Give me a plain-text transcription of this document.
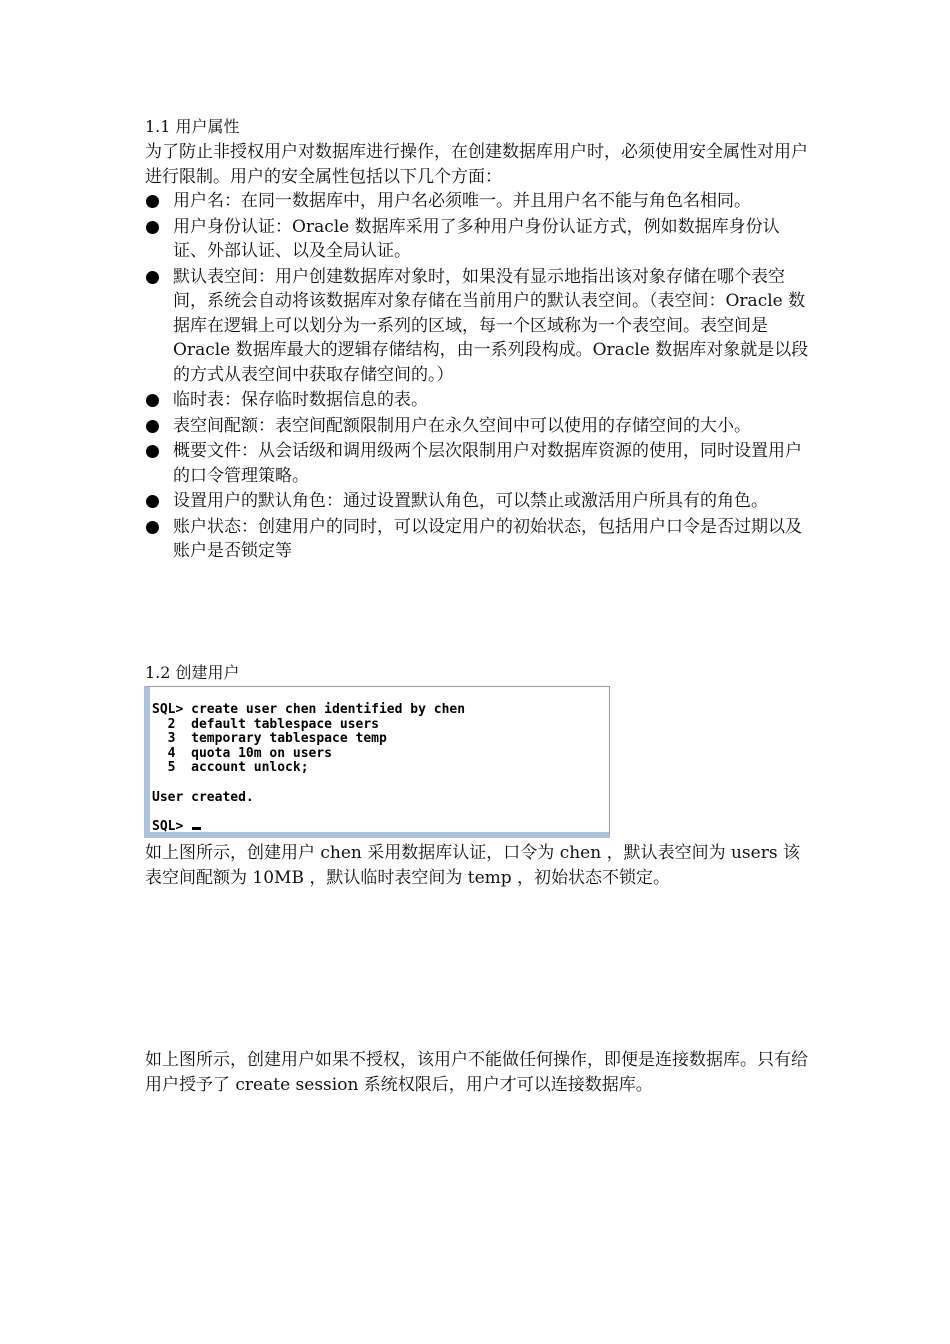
1.1 用户属性
为了防止非授权用户对数据库进行操作，在创建数据库用户时，必须使用安全属性对用户进行限制。用户的安全属性包括以下几个方面：
用户名：在同一数据库中，用户名必须唯一。并且用户名不能与角色名相同。
用户身份认证：Oracle 数据库采用了多种用户身份认证方式，例如数据库身份认证、外部认证、以及全局认证。
默认表空间：用户创建数据库对象时，如果没有显示地指出该对象存储在哪个表空间，系统会自动将该数据库对象存储在当前用户的默认表空间。（表空间：Oracle 数据库在逻辑上可以划分为一系列的区域，每一个区域称为一个表空间。表空间是 Oracle 数据库最大的逻辑存储结构，由一系列段构成。Oracle 数据库对象就是以段的方式从表空间中获取存储空间的。）
临时表：保存临时数据信息的表。
表空间配额：表空间配额限制用户在永久空间中可以使用的存储空间的大小。
概要文件：从会话级和调用级两个层次限制用户对数据库资源的使用，同时设置用户的口令管理策略。
设置用户的默认角色：通过设置默认角色，可以禁止或激活用户所具有的角色。
账户状态：创建用户的同时，可以设定用户的初始状态，包括用户口令是否过期以及账户是否锁定等
1.2 创建用户
SQL> create user chen identified by chen
2  default tablespace users
3  temporary tablespace temp
4  quota 10m on users
5  account unlock;
User created.
SQL>
如上图所示，创建用户 chen 采用数据库认证，口令为 chen ，默认表空间为 users 该表空间配额为 10MB ，默认临时表空间为 temp ，初始状态不锁定。
如上图所示，创建用户如果不授权，该用户不能做任何操作，即便是连接数据库。只有给用户授予了 create session 系统权限后，用户才可以连接数据库。
